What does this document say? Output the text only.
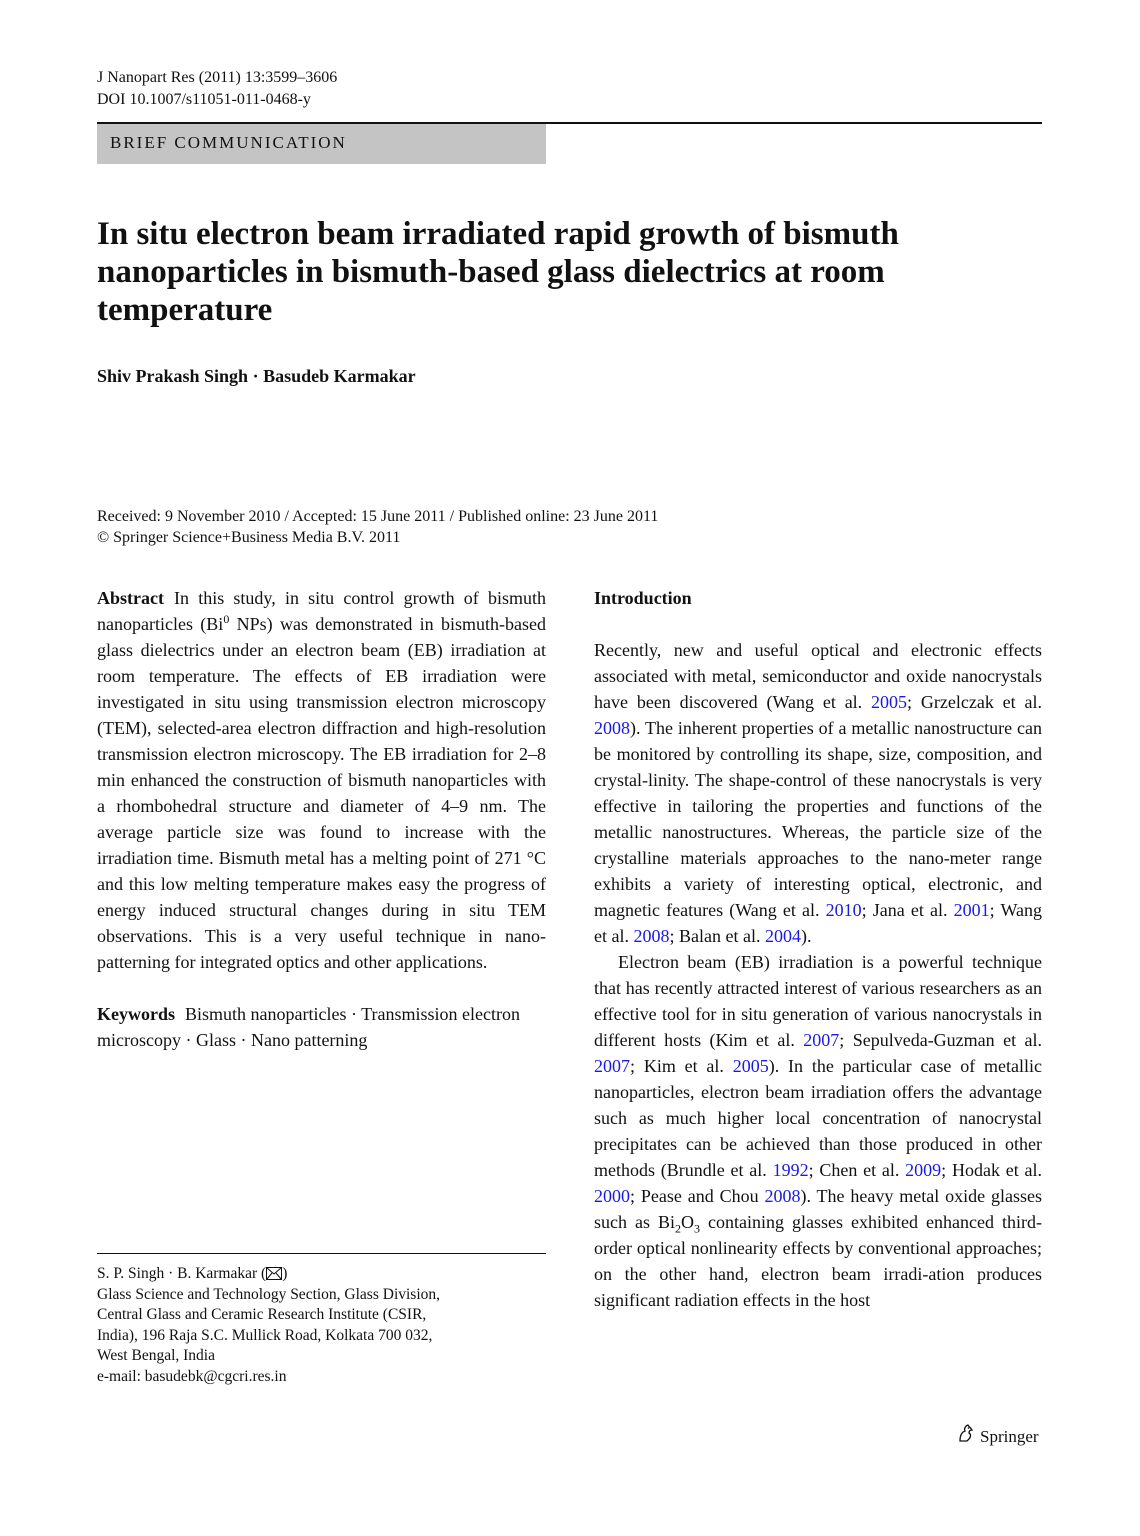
J Nanopart Res (2011) 13:3599–3606
DOI 10.1007/s11051-011-0468-y
BRIEF COMMUNICATION
In situ electron beam irradiated rapid growth of bismuth nanoparticles in bismuth-based glass dielectrics at room temperature
Shiv Prakash Singh · Basudeb Karmakar
Received: 9 November 2010 / Accepted: 15 June 2011 / Published online: 23 June 2011
© Springer Science+Business Media B.V. 2011

Abstract In this study, in situ control growth of bismuth nanoparticles (Bi$^0$ NPs) was demonstrated in bismuth-based glass dielectrics under an electron beam (EB) irradiation at room temperature. The effects of EB irradiation were investigated in situ using transmission electron microscopy (TEM), selected-area electron diffraction and high-resolution transmission electron microscopy. The EB irradiation for 2–8 min enhanced the construction of bismuth nanoparticles with a rhombohedral structure and diameter of 4–9 nm. The average particle size was found to increase with the irradiation time. Bismuth metal has a melting point of 271 °C and this low melting temperature makes easy the progress of energy induced structural changes during in situ TEM observations. This is a very useful technique in nano-patterning for integrated optics and other applications.

Keywords Bismuth nanoparticles · Transmission electron microscopy · Glass · Nano patterning

S. P. Singh · B. Karmakar ( )

Glass Science and Technology Section, Glass Division,

Central Glass and Ceramic Research Institute (CSIR,

India), 196 Raja S.C. Mullick Road, Kolkata 700 032,

West Bengal, India

e-mail: basudebk@cgcri.res.in

Introduction

Recently, new and useful optical and electronic effects associated with metal, semiconductor and oxide nanocrystals have been discovered (Wang et al. 2005; Grzelczak et al. 2008). The inherent properties of a metallic nanostructure can be monitored by controlling its shape, size, composition, and crystal-linity. The shape-control of these nanocrystals is very effective in tailoring the properties and functions of the metallic nanostructures. Whereas, the particle size of the crystalline materials approaches to the nano-meter range exhibits a variety of interesting optical, electronic, and magnetic features (Wang et al. 2010; Jana et al. 2001; Wang et al. 2008; Balan et al. 2004).

Electron beam (EB) irradiation is a powerful technique that has recently attracted interest of various researchers as an effective tool for in situ generation of various nanocrystals in different hosts (Kim et al. 2007; Sepulveda-Guzman et al. 2007; Kim et al. 2005). In the particular case of metallic nanoparticles, electron beam irradiation offers the advantage such as much higher local concentration of nanocrystal precipitates can be achieved than those produced in other methods (Brundle et al. 1992; Chen et al. 2009; Hodak et al. 2000; Pease and Chou 2008). The heavy metal oxide glasses such as $Bi_2O_3$ containing glasses exhibited enhanced third-order optical nonlinearity effects by conventional approaches; on the other hand, electron beam irradi-ation produces significant radiation effects in the host

Springer
